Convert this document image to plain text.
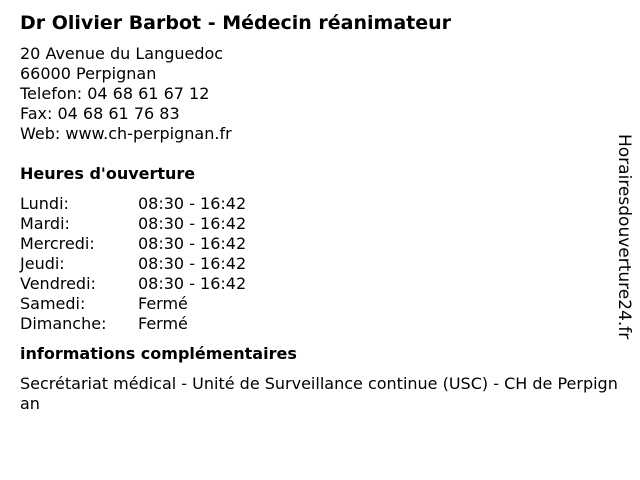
Dr Olivier Barbot - Médecin réanimateur
20 Avenue du Languedoc
66000 Perpignan
Telefon: 04 68 61 67 12
Fax: 04 68 61 76 83
Web: www.ch-perpignan.fr
Heures d'ouverture
Lundi:	08:30 - 16:42
Mardi:	08:30 - 16:42
Mercredi:	08:30 - 16:42
Jeudi:	08:30 - 16:42
Vendredi:	08:30 - 16:42
Samedi:	Fermé
Dimanche:	Fermé
informations complémentaires
Secrétariat médical - Unité de Surveillance continue (USC) - CH de Perpignan
Horairesdouverture24.fr
